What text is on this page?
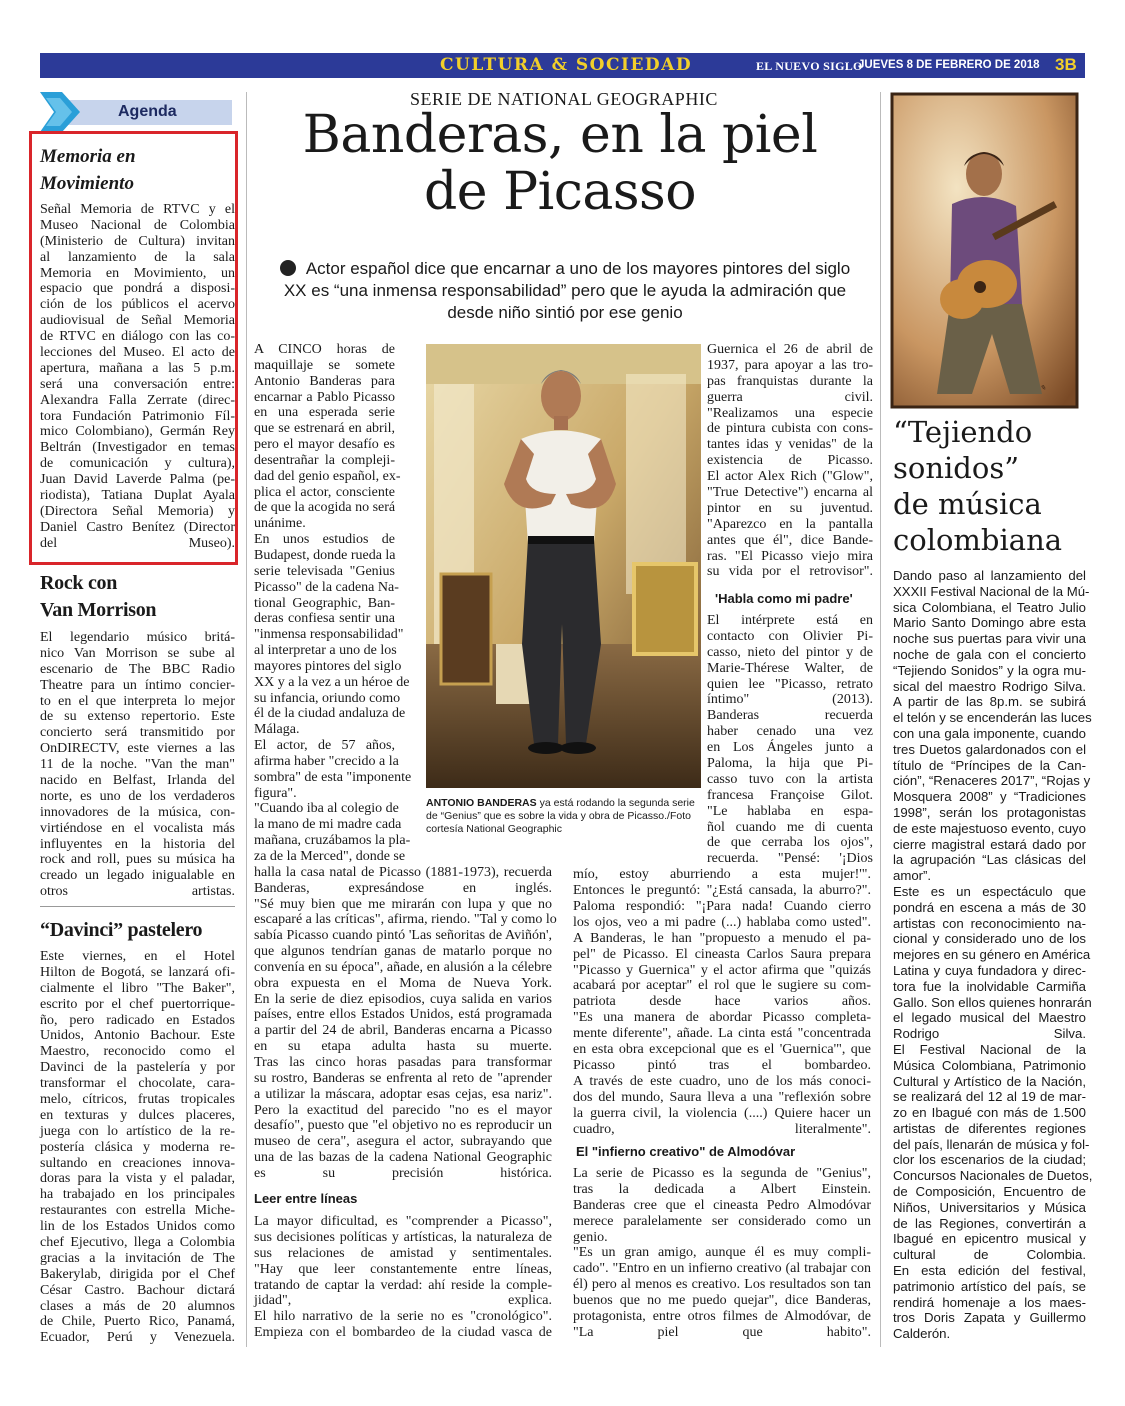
CULTURA & SOCIEDAD	EL NUEVO SIGLO
JUEVES 8 DE FEBRERO DE 2018 3B
Agenda
Memoria en
Movimiento
Señal Memoria de RTVC y el
Museo Nacional de Colombia
(Ministerio de Cultura) invitan
al lanzamiento de la sala
Memoria en Movimiento, un
espacio que pondrá a disposi-
ción de los públicos el acervo
audiovisual de Señal Memoria
de RTVC en diálogo con las co-
lecciones del Museo. El acto de
apertura, mañana a las 5 p.m.
será una conversación entre:
Alexandra Falla Zerrate (direc-
tora Fundación Patrimonio Fíl-
mico Colombiano), Germán Rey
Beltrán (Investigador en temas
de comunicación y cultura),
Juan David Laverde Palma (pe-
riodista), Tatiana Duplat Ayala
(Directora Señal Memoria) y
Daniel Castro Benítez (Director
del Museo).
Rock con
Van Morrison
El legendario músico britá-
nico Van Morrison se sube al
escenario de The BBC Radio
Theatre para un íntimo concier-
to en el que interpreta lo mejor
de su extenso repertorio. Este
concierto será transmitido por
OnDIRECTV, este viernes a las
11 de la noche. "Van the man"
nacido en Belfast, Irlanda del
norte, es uno de los verdaderos
innovadores de la música, con-
virtiéndose en el vocalista más
influyentes en la historia del
rock and roll, pues su música ha
creado un legado inigualable en
otros artistas.
“Davinci” pastelero
Este viernes, en el Hotel
Hilton de Bogotá, se lanzará ofi-
cialmente el libro "The Baker",
escrito por el chef puertorrique-
ño, pero radicado en Estados
Unidos, Antonio Bachour. Este
Maestro, reconocido como el
Davinci de la pastelería y por
transformar el chocolate, cara-
melo, cítricos, frutas tropicales
en texturas y dulces placeres,
juega con lo artístico de la re-
postería clásica y moderna re-
sultando en creaciones innova-
doras para la vista y el paladar,
ha trabajado en los principales
restaurantes con estrella Miche-
lin de los Estados Unidos como
chef Ejecutivo, llega a Colombia
gracias a la invitación de The
Bakerylab, dirigida por el Chef
César Castro. Bachour dictará
clases a más de 20 alumnos
de Chile, Puerto Rico, Panamá,
Ecuador, Perú y Venezuela.
SERIE DE NATIONAL GEOGRAPHIC
Banderas, en la piel
de Picasso
Actor español dice que encarnar a uno de los mayores pintores del siglo XX es “una inmensa responsabilidad” pero que le ayuda la admiración que desde niño sintió por ese genio
ANTONIO BANDERAS ya está rodando la segunda serie de “Genius” que es sobre la vida y obra de Picasso./Foto cortesía National Geographic
A CINCO horas de
maquillaje se somete
Antonio Banderas para
encarnar a Pablo Picasso
en una esperada serie
que se estrenará en abril,
pero el mayor desafío es
desentrañar la compleji-
dad del genio español, ex-
plica el actor, consciente
de que la acogida no será
unánime.
En unos estudios de
Budapest, donde rueda la
serie televisada "Genius
Picasso" de la cadena Na-
tional Geographic, Ban-
deras confiesa sentir una
"inmensa responsabilidad"
al interpretar a uno de los
mayores pintores del siglo
XX y a la vez a un héroe de
su infancia, oriundo como
él de la ciudad andaluza de
Málaga.
El actor, de 57 años,
afirma haber "crecido a la
sombra" de esta "imponente
figura".
"Cuando iba al colegio de
la mano de mi madre cada
mañana, cruzábamos la pla-
za de la Merced", donde se
halla la casa natal de Picasso (1881-1973), recuerda
Banderas, expresándose en inglés.
"Sé muy bien que me mirarán con lupa y que no
escaparé a las críticas", afirma, riendo. "Tal y como lo
sabía Picasso cuando pintó 'Las señoritas de Aviñón',
que algunos tendrían ganas de matarlo porque no
convenía en su época", añade, en alusión a la célebre
obra expuesta en el Moma de Nueva York.
En la serie de diez episodios, cuya salida en varios
países, entre ellos Estados Unidos, está programada
a partir del 24 de abril, Banderas encarna a Picasso
en su etapa adulta hasta su muerte.
Tras las cinco horas pasadas para transformar
su rostro, Banderas se enfrenta al reto de "aprender
a utilizar la máscara, adoptar esas cejas, esa nariz".
Pero la exactitud del parecido "no es el mayor
desafío", puesto que "el objetivo no es reproducir un
museo de cera", asegura el actor, subrayando que
una de las bazas de la cadena National Geographic
es su precisión histórica.
Leer entre líneas
La mayor dificultad, es "comprender a Picasso",
sus decisiones políticas y artísticas, la naturaleza de
sus relaciones de amistad y sentimentales.
"Hay que leer constantemente entre líneas,
tratando de captar la verdad: ahí reside la comple-
jidad", explica.
El hilo narrativo de la serie no es "cronológico".
Empieza con el bombardeo de la ciudad vasca de
Guernica el 26 de abril de
1937, para apoyar a las tro-
pas franquistas durante la
guerra civil.
"Realizamos una especie
de pintura cubista con cons-
tantes idas y venidas" de la
existencia de Picasso.
El actor Alex Rich ("Glow",
"True Detective") encarna al
pintor en su juventud.
"Aparezco en la pantalla
antes que él", dice Bande-
ras. "El Picasso viejo mira
su vida por el retrovisor".
'Habla como mi padre'
El intérprete está en
contacto con Olivier Pi-
casso, nieto del pintor y de
Marie-Thérese Walter, de
quien lee "Picasso, retrato
íntimo" (2013).
Banderas recuerda
haber cenado una vez
en Los Ángeles junto a
Paloma, la hija que Pi-
casso tuvo con la artista
francesa Françoise Gilot.
"Le hablaba en espa-
ñol cuando me di cuenta
de que cerraba los ojos",
recuerda. "Pensé: '¡Dios
mío, estoy aburriendo a esta mujer!'".
Entonces le preguntó: "¿Está cansada, la aburro?".
Paloma respondió: "¡Para nada! Cuando cierro
los ojos, veo a mi padre (...) hablaba como usted".
A Banderas, le han "propuesto a menudo el pa-
pel" de Picasso. El cineasta Carlos Saura prepara
"Picasso y Guernica" y el actor afirma que "quizás
acabará por aceptar" el rol que le sugiere su com-
patriota desde hace varios años.
"Es una manera de abordar Picasso completa-
mente diferente", añade. La cinta está "concentrada
en esta obra excepcional que es el 'Guernica'", que
Picasso pintó tras el bombardeo.
A través de este cuadro, uno de los más conoci-
dos del mundo, Saura lleva a una "reflexión sobre
la guerra civil, la violencia (....) Quiere hacer un
cuadro, literalmente".
El "infierno creativo" de Almodóvar
La serie de Picasso es la segunda de "Genius",
tras la dedicada a Albert Einstein.
Banderas cree que el cineasta Pedro Almodóvar
merece paralelamente ser considerado como un
genio.
"Es un gran amigo, aunque él es muy compli-
cado". "Entro en un infierno creativo (al trabajar con
él) pero al menos es creativo. Los resultados son tan
buenos que no me puedo quejar", dice Banderas,
protagonista, entre otros filmes de Almodóvar, de
"La piel que habito".
✎
“Tejiendo
sonidos”
de música
colombiana
Dando paso al lanzamiento del
XXXII Festival Nacional de la Mú-
sica Colombiana, el Teatro Julio
Mario Santo Domingo abre esta
noche sus puertas para vivir una
noche de gala con el concierto
“Tejiendo Sonidos” y la ogra mu-
sical del maestro Rodrigo Silva.
A partir de las 8p.m. se subirá
el telón y se encenderán las luces
con una gala imponente, cuando
tres Duetos galardonados con el
título de “Príncipes de la Can-
ción”, “Renaceres 2017”, “Rojas y
Mosquera 2008” y “Tradiciones
1998”, serán los protagonistas
de este majestuoso evento, cuyo
cierre magistral estará dado por
la agrupación “Las clásicas del
amor”.
Este es un espectáculo que
pondrá en escena a más de 30
artistas con reconocimiento na-
cional y considerado uno de los
mejores en su género en América
Latina y cuya fundadora y direc-
tora fue la inolvidable Carmiña
Gallo. Son ellos quienes honrarán
el legado musical del Maestro
Rodrigo Silva.
El Festival Nacional de la
Música Colombiana, Patrimonio
Cultural y Artístico de la Nación,
se realizará del 12 al 19 de mar-
zo en Ibagué con más de 1.500
artistas de diferentes regiones
del país, llenarán de música y fol-
clor los escenarios de la ciudad;
Concursos Nacionales de Duetos,
de Composición, Encuentro de
Niños, Universitarios y Música
de las Regiones, convertirán a
Ibagué en epicentro musical y
cultural de Colombia.
En esta edición del festival,
patrimonio artístico del país, se
rendirá homenaje a los maes-
tros Doris Zapata y Guillermo
Calderón.
